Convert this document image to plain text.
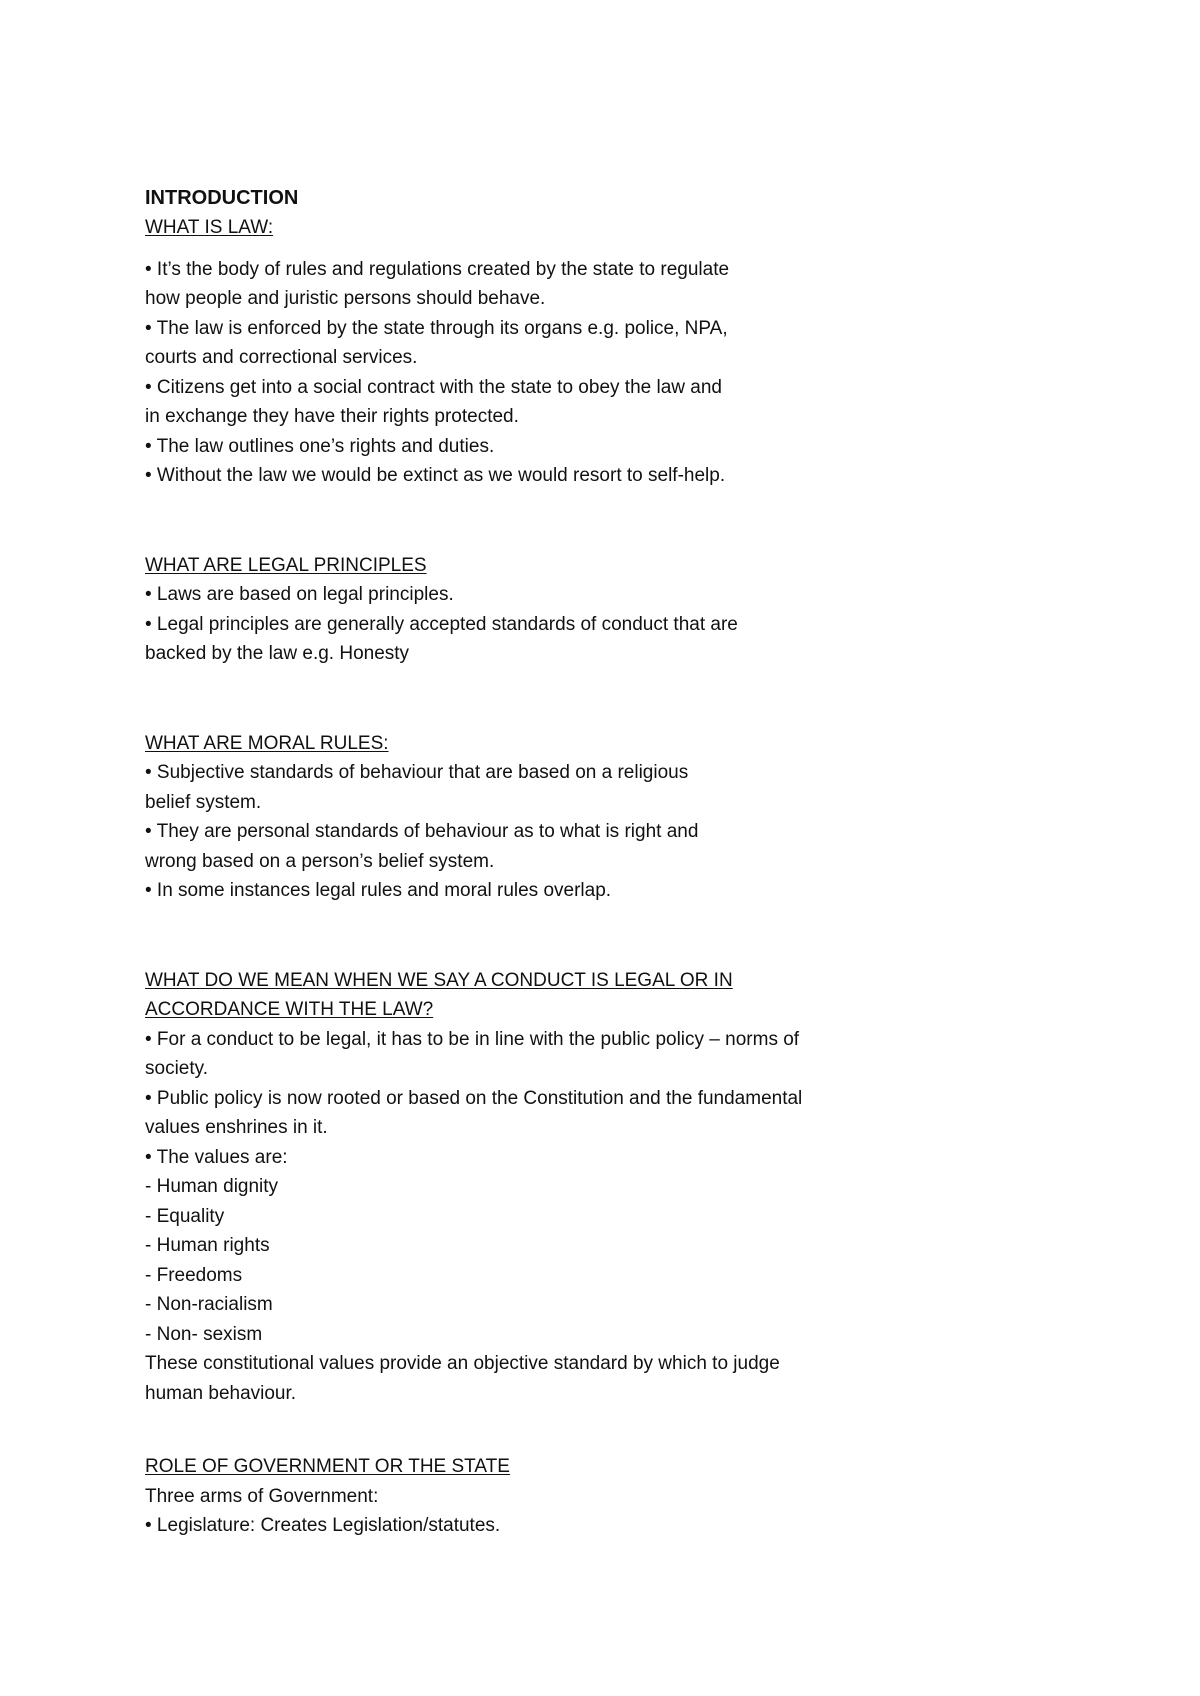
INTRODUCTION

WHAT IS LAW:

• It’s the body of rules and regulations created by the state to regulate

how people and juristic persons should behave.

• The law is enforced by the state through its organs e.g. police, NPA,

courts and correctional services.

• Citizens get into a social contract with the state to obey the law and

in exchange they have their rights protected.

• The law outlines one’s rights and duties.

• Without the law we would be extinct as we would resort to self-help.

WHAT ARE LEGAL PRINCIPLES

• Laws are based on legal principles.

• Legal principles are generally accepted standards of conduct that are

backed by the law e.g. Honesty

WHAT ARE MORAL RULES:

• Subjective standards of behaviour that are based on a religious

belief system.

• They are personal standards of behaviour as to what is right and

wrong based on a person’s belief system.

• In some instances legal rules and moral rules overlap.

WHAT DO WE MEAN WHEN WE SAY A CONDUCT IS LEGAL OR IN

ACCORDANCE WITH THE LAW?

• For a conduct to be legal, it has to be in line with the public policy – norms of

society.

• Public policy is now rooted or based on the Constitution and the fundamental

values enshrines in it.

• The values are:

- Human dignity

- Equality

- Human rights

- Freedoms

- Non-racialism

- Non- sexism

These constitutional values provide an objective standard by which to judge

human behaviour.

ROLE OF GOVERNMENT OR THE STATE

Three arms of Government:

• Legislature: Creates Legislation/statutes.
